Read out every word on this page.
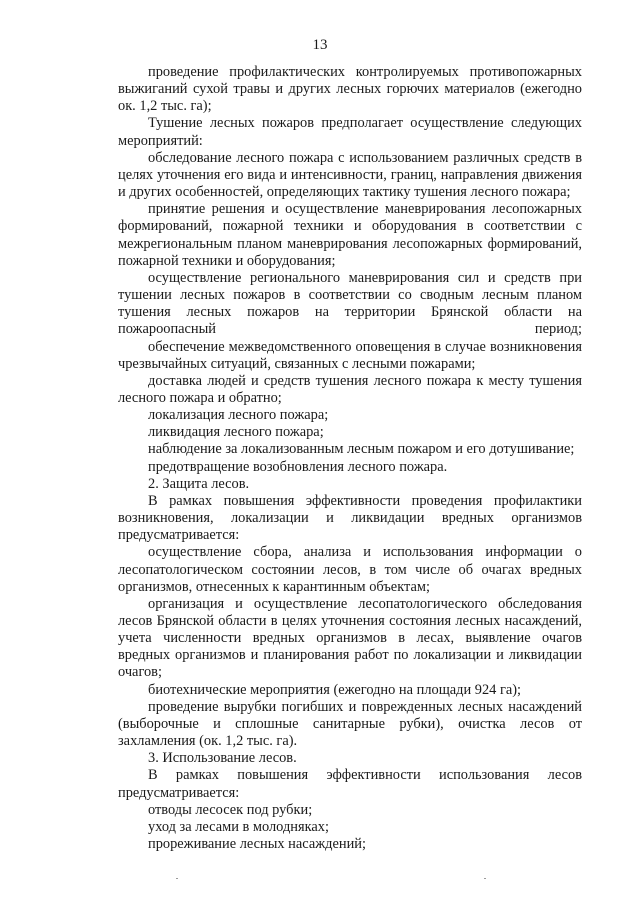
13

проведение профилактических контролируемых противопожарных выжиганий сухой травы и других лесных горючих материалов (ежегодно ок. 1,2 тыс. га);

Тушение лесных пожаров предполагает осуществление следующих мероприятий:

обследование лесного пожара с использованием различных средств в целях уточнения его вида и интенсивности, границ, направления движения и других особенностей, определяющих тактику тушения лесного пожара;

принятие решения и осуществление маневрирования лесопожарных формирований, пожарной техники и оборудования в соответствии с межрегиональным планом маневрирования лесопожарных формирований, пожарной техники и оборудования;

осуществление регионального маневрирования сил и средств при тушении лесных пожаров в соответствии со сводным лесным планом тушения лесных пожаров на территории Брянской области на пожароопасный период;

обеспечение межведомственного оповещения в случае возникновения чрезвычайных ситуаций, связанных с лесными пожарами;

доставка людей и средств тушения лесного пожара к месту тушения лесного пожара и обратно;

локализация лесного пожара;

ликвидация лесного пожара;

наблюдение за локализованным лесным пожаром и его дотушивание;

предотвращение возобновления лесного пожара.

2. Защита лесов.

В рамках повышения эффективности проведения профилактики возникновения, локализации и ликвидации вредных организмов предусматривается:

осуществление сбора, анализа и использования информации о лесопатологическом состоянии лесов, в том числе об очагах вредных организмов, отнесенных к карантинным объектам;

организация и осуществление лесопатологического обследования лесов Брянской области в целях уточнения состояния лесных насаждений, учета численности вредных организмов в лесах, выявление очагов вредных организмов и планирования работ по локализации и ликвидации очагов;

биотехнические мероприятия (ежегодно на площади 924 га);

проведение вырубки погибших и поврежденных лесных насаждений (выборочные и сплошные санитарные рубки), очистка лесов от захламления (ок. 1,2 тыс. га).

3. Использование лесов.

В рамках повышения эффективности использования лесов предусматривается:

отводы лесосек под рубки;

уход за лесами в молодняках;

прореживание лесных насаждений;
